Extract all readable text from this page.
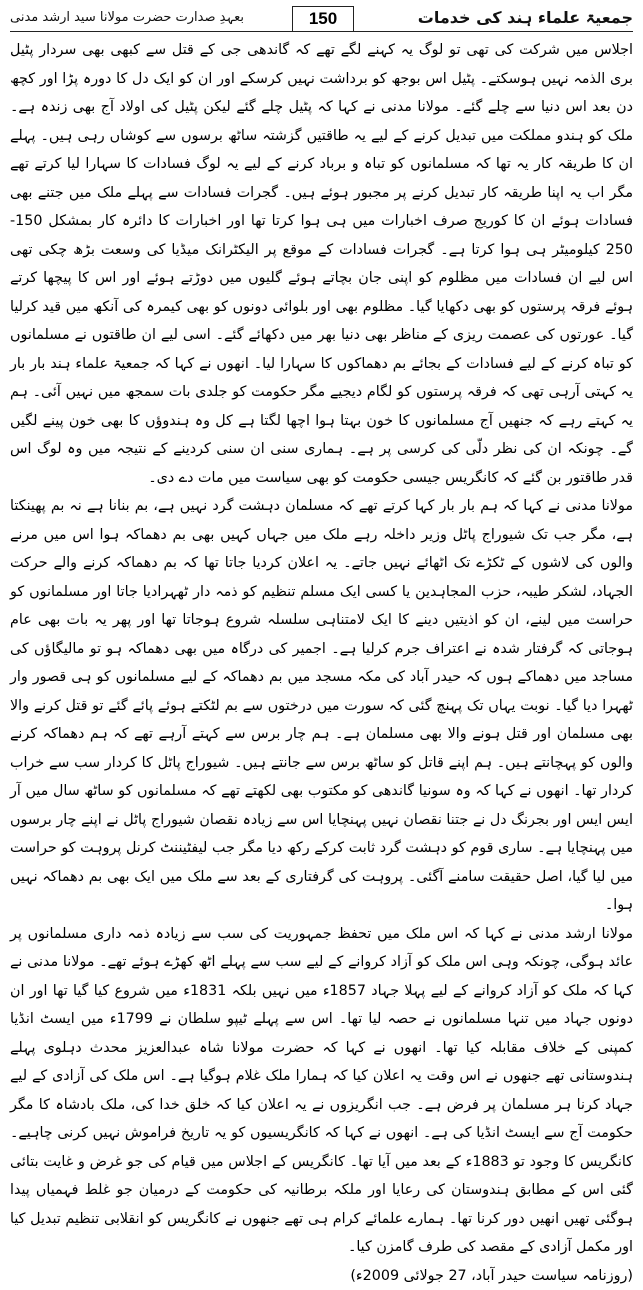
جمعیۃ علماء ہند کی خدمات
150
بعہدِ صدارت حضرت مولانا سید ارشد مدنی

اجلاس میں شرکت کی تھی تو لوگ یہ کہنے لگے تھے کہ گاندھی جی کے قتل سے کبھی بھی سردار پٹیل بری الذمہ نہیں ہوسکتے۔ پٹیل اس بوجھ کو برداشت نہیں کرسکے اور ان کو ایک دل کا دورہ پڑا اور کچھ دن بعد اس دنیا سے چلے گئے۔ مولانا مدنی نے کہا کہ پٹیل چلے گئے لیکن پٹیل کی اولاد آج بھی زندہ ہے۔ ملک کو ہندو مملکت میں تبدیل کرنے کے لیے یہ طاقتیں گزشتہ ساٹھ برسوں سے کوشاں رہی ہیں۔ پہلے ان کا طریقہ کار یہ تھا کہ مسلمانوں کو تباہ و برباد کرنے کے لیے یہ لوگ فسادات کا سہارا لیا کرتے تھے مگر اب یہ اپنا طریقہ کار تبدیل کرنے پر مجبور ہوئے ہیں۔ گجرات فسادات سے پہلے ملک میں جتنے بھی فسادات ہوئے ان کا کوریج صرف اخبارات میں ہی ہوا کرتا تھا اور اخبارات کا دائرہ کار بمشکل 150-250 کیلومیٹر ہی ہوا کرتا ہے۔ گجرات فسادات کے موقع پر الیکٹرانک میڈیا کی وسعت بڑھ چکی تھی اس لیے ان فسادات میں مظلوم کو اپنی جان بچاتے ہوئے گلیوں میں دوڑتے ہوئے اور اس کا پیچھا کرتے ہوئے فرقہ پرستوں کو بھی دکھایا گیا۔ مظلوم بھی اور بلوائی دونوں کو بھی کیمرہ کی آنکھ میں قید کرلیا گیا۔ عورتوں کی عصمت ریزی کے مناظر بھی دنیا بھر میں دکھائے گئے۔ اسی لیے ان طاقتوں نے مسلمانوں کو تباہ کرنے کے لیے فسادات کے بجائے بم دھماکوں کا سہارا لیا۔ انھوں نے کہا کہ جمعیۃ علماء ہند بار بار یہ کہتی آرہی تھی کہ فرقہ پرستوں کو لگام دیجیے مگر حکومت کو جلدی بات سمجھ میں نہیں آئی۔ ہم یہ کہتے رہے کہ جنھیں آج مسلمانوں کا خون بہتا ہوا اچھا لگتا ہے کل وہ ہندوؤں کا بھی خون پینے لگیں گے۔ چونکہ ان کی نظر دلّی کی کرسی پر ہے۔ ہماری سنی ان سنی کردینے کے نتیجہ میں وہ لوگ اس قدر طاقتور بن گئے کہ کانگریس جیسی حکومت کو بھی سیاست میں مات دے دی۔

مولانا مدنی نے کہا کہ ہم بار بار کہا کرتے تھے کہ مسلمان دہشت گرد نہیں ہے، بم بنانا ہے نہ بم پھینکتا ہے، مگر جب تک شیوراج پاٹل وزیر داخلہ رہے ملک میں جہاں کہیں بھی بم دھماکہ ہوا اس میں مرنے والوں کی لاشوں کے ٹکڑے تک اٹھائے نہیں جاتے۔ یہ اعلان کردیا جاتا تھا کہ بم دھماکہ کرنے والے حرکت الجہاد، لشکر طیبہ، حزب المجاہدین یا کسی ایک مسلم تنظیم کو ذمہ دار ٹھہرادیا جاتا اور مسلمانوں کو حراست میں لینے، ان کو اذیتیں دینے کا ایک لامتناہی سلسلہ شروع ہوجاتا تھا اور پھر یہ بات بھی عام ہوجاتی کہ گرفتار شدہ نے اعتراف جرم کرلیا ہے۔ اجمیر کی درگاہ میں بھی دھماکہ ہو تو مالیگاؤں کی مساجد میں دھماکے ہوں کہ حیدر آباد کی مکہ مسجد میں بم دھماکہ کے لیے مسلمانوں کو ہی قصور وار ٹھہرا دیا گیا۔ نوبت یہاں تک پہنچ گئی کہ سورت میں درختوں سے بم لٹکتے ہوئے پائے گئے تو قتل کرنے والا بھی مسلمان اور قتل ہونے والا بھی مسلمان ہے۔ ہم چار برس سے کہتے آرہے تھے کہ ہم دھماکہ کرنے والوں کو پہچانتے ہیں۔ ہم اپنے قاتل کو ساٹھ برس سے جانتے ہیں۔ شیوراج پاٹل کا کردار سب سے خراب کردار تھا۔ انھوں نے کہا کہ وہ سونیا گاندھی کو مکتوب بھی لکھتے تھے کہ مسلمانوں کو ساٹھ سال میں آر ایس ایس اور بجرنگ دل نے جتنا نقصان نہیں پہنچایا اس سے زیادہ نقصان شیوراج پاٹل نے اپنے چار برسوں میں پہنچایا ہے۔ ساری قوم کو دہشت گرد ثابت کرکے رکھ دیا مگر جب لیفٹیننٹ کرنل پروہت کو حراست میں لیا گیا، اصل حقیقت سامنے آگئی۔ پروہت کی گرفتاری کے بعد سے ملک میں ایک بھی بم دھماکہ نہیں ہوا۔

مولانا ارشد مدنی نے کہا کہ اس ملک میں تحفظ جمہوریت کی سب سے زیادہ ذمہ داری مسلمانوں پر عائد ہوگی، چونکہ وہی اس ملک کو آزاد کروانے کے لیے سب سے پہلے اٹھ کھڑے ہوئے تھے۔ مولانا مدنی نے کہا کہ ملک کو آزاد کروانے کے لیے پہلا جہاد 1857ء میں نہیں بلکہ 1831ء میں شروع کیا گیا تھا اور ان دونوں جہاد میں تنہا مسلمانوں نے حصہ لیا تھا۔ اس سے پہلے ٹیپو سلطان نے 1799ء میں ایسٹ انڈیا کمپنی کے خلاف مقابلہ کیا تھا۔ انھوں نے کہا کہ حضرت مولانا شاہ عبدالعزیز محدث دہلوی پہلے ہندوستانی تھے جنھوں نے اس وقت یہ اعلان کیا کہ ہمارا ملک غلام ہوگیا ہے۔ اس ملک کی آزادی کے لیے جہاد کرنا ہر مسلمان پر فرض ہے۔ جب انگریزوں نے یہ اعلان کیا کہ خلق خدا کی، ملک بادشاہ کا مگر حکومت آج سے ایسٹ انڈیا کی ہے۔ انھوں نے کہا کہ کانگریسیوں کو یہ تاریخ فراموش نہیں کرنی چاہیے۔ کانگریس کا وجود تو 1883ء کے بعد میں آیا تھا۔ کانگریس کے اجلاس میں قیام کی جو غرض و غایت بتائی گئی اس کے مطابق ہندوستان کی رعایا اور ملکہ برطانیہ کی حکومت کے درمیان جو غلط فہمیاں پیدا ہوگئی تھیں انھیں دور کرنا تھا۔ ہمارے علمائے کرام ہی تھے جنھوں نے کانگریس کو انقلابی تنظیم تبدیل کیا اور مکمل آزادی کے مقصد کی طرف گامزن کیا۔

(روزنامہ سیاست حیدر آباد، 27 جولائی 2009ء)
